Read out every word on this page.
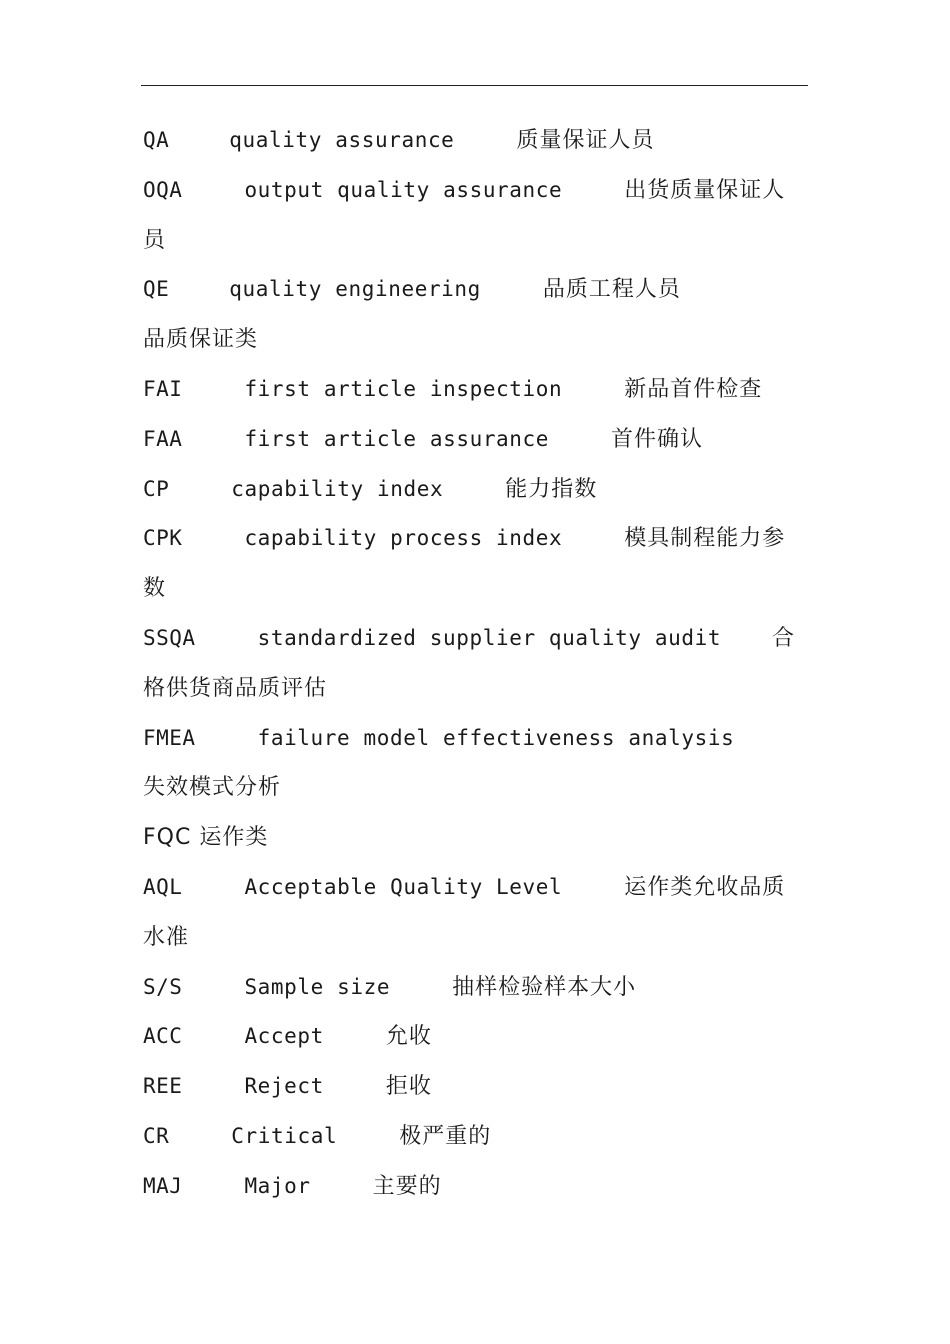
QA	quality assurance	质量保证人员
OQA	output quality assurance	出货质量保证人
员
QE	quality engineering	品质工程人员
品质保证类
FAI	first article inspection	新品首件检查
FAA	first article assurance	首件确认
CP	capability index	能力指数
CPK	capability process index	模具制程能力参
数
SSQA	standardized supplier quality audit 合
格供货商品质评估
FMEA	failure model effectiveness analysis
失效模式分析
FQC 运作类
AQL	Acceptable Quality Level	运作类允收品质
水准
S/S	Sample size	抽样检验样本大小
ACC	Accept	允收
REE	Reject	拒收
CR	Critical	极严重的
MAJ	Major	主要的
